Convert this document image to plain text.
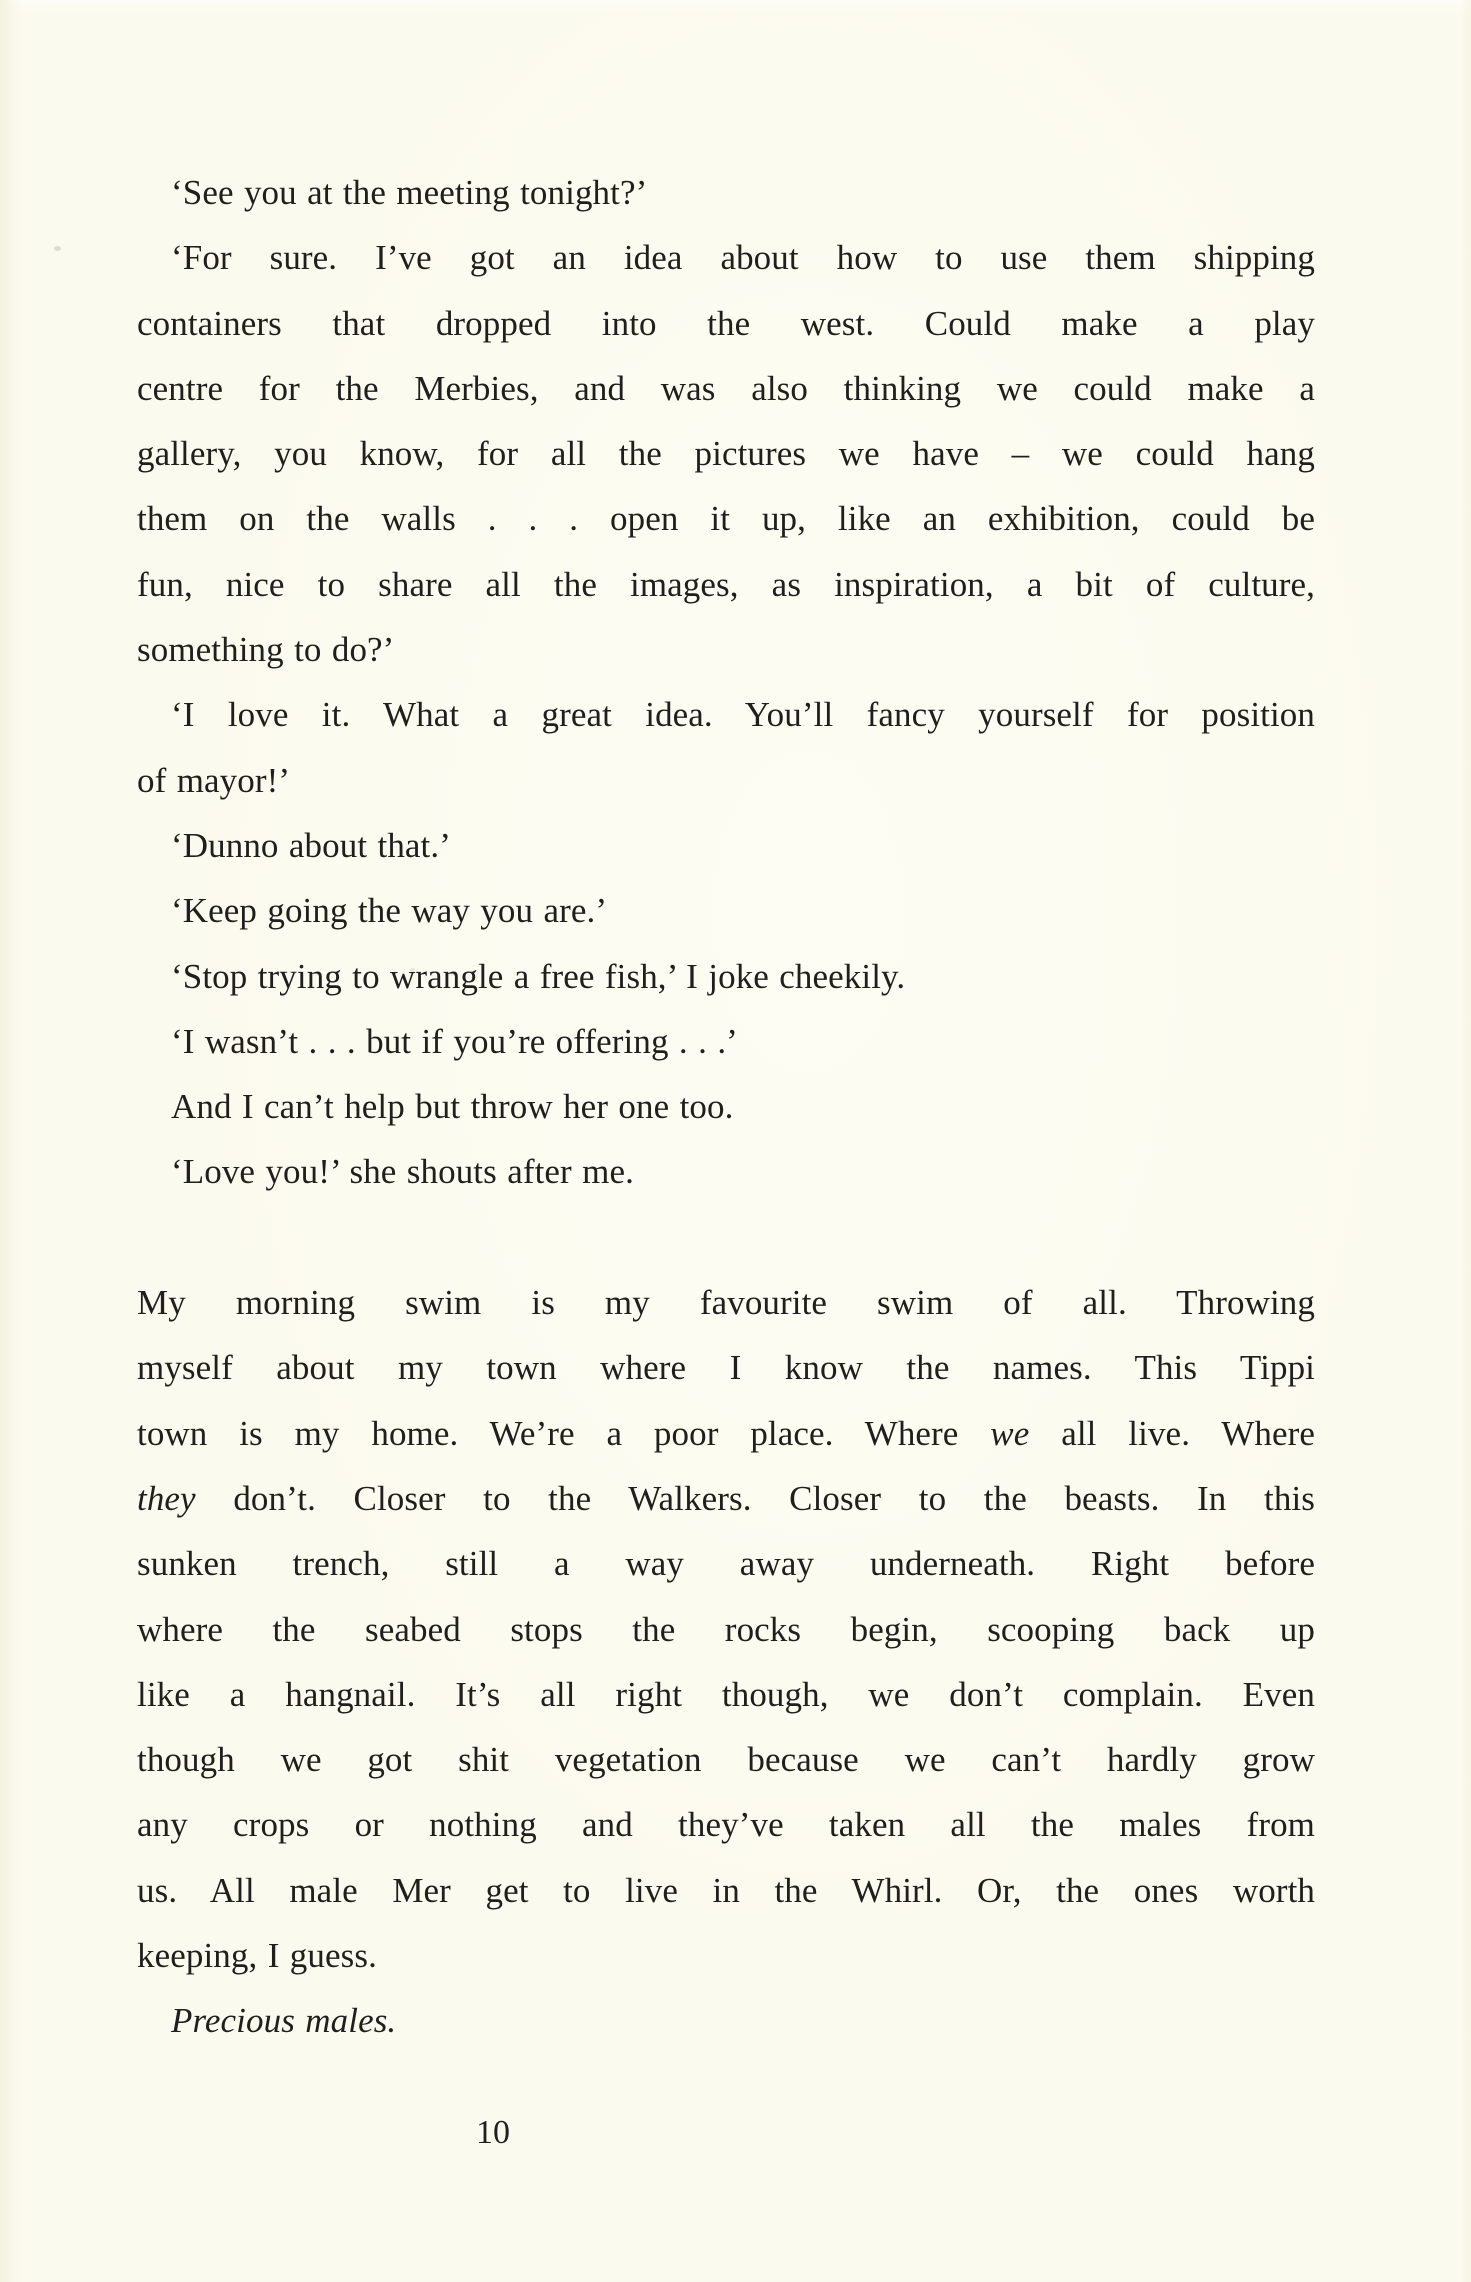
‘See you at the meeting tonight?’
‘For sure. I’ve got an idea about how to use them shipping
containers that dropped into the west. Could make a play
centre for the Merbies, and was also thinking we could make a
gallery, you know, for all the pictures we have – we could hang
them on the walls . . . open it up, like an exhibition, could be
fun, nice to share all the images, as inspiration, a bit of culture,
something to do?’
‘I love it. What a great idea. You’ll fancy yourself for position
of mayor!’
‘Dunno about that.’
‘Keep going the way you are.’
‘Stop trying to wrangle a free fish,’ I joke cheekily.
‘I wasn’t . . . but if you’re offering . . .’
And I can’t help but throw her one too.
‘Love you!’ she shouts after me.
My morning swim is my favourite swim of all. Throwing
myself about my town where I know the names. This Tippi
town is my home. We’re a poor place. Where we all live. Where
they don’t. Closer to the Walkers. Closer to the beasts. In this
sunken trench, still a way away underneath. Right before
where the seabed stops the rocks begin, scooping back up
like a hangnail. It’s all right though, we don’t complain. Even
though we got shit vegetation because we can’t hardly grow
any crops or nothing and they’ve taken all the males from
us. All male Mer get to live in the Whirl. Or, the ones worth
keeping, I guess.
Precious males.
10
